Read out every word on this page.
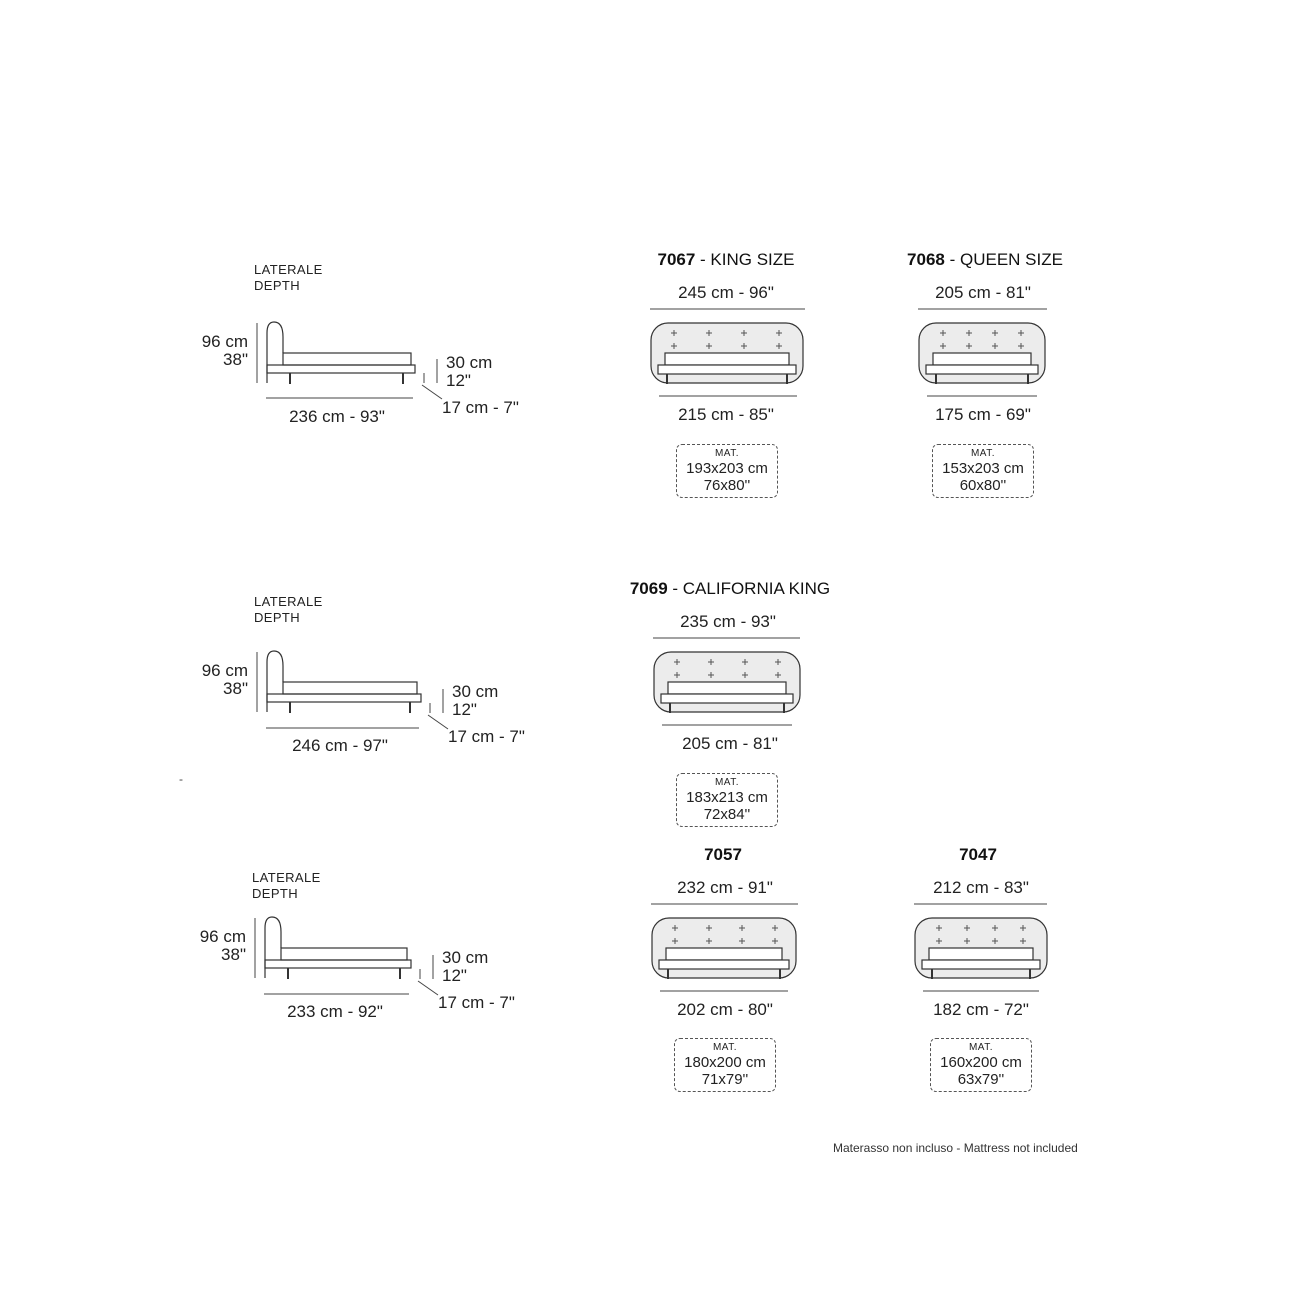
LATERALE
DEPTH
96 cm
38"	30 cm
12"
17 cm - 7"
236 cm - 93"
LATERALE
DEPTH
96 cm
38"	30 cm
12"
17 cm - 7"
246 cm - 97"
-
LATERALE
DEPTH
96 cm
38"	30 cm
12"
17 cm - 7"
233 cm - 92"
7067 - KING SIZE
245 cm - 96"
215 cm - 85"
MAT.
193x203 cm
76x80''
7068 - QUEEN SIZE
205 cm - 81"
175 cm - 69"
MAT.
153x203 cm
60x80''
7069 - CALIFORNIA KING
235 cm - 93"
205 cm - 81"
MAT.
183x213 cm
72x84''
7057
232 cm - 91"
202 cm - 80"
MAT.
180x200 cm
71x79''
7047
212 cm - 83"
182 cm - 72"
MAT.
160x200 cm
63x79''
Materasso non incluso - Mattress not included
